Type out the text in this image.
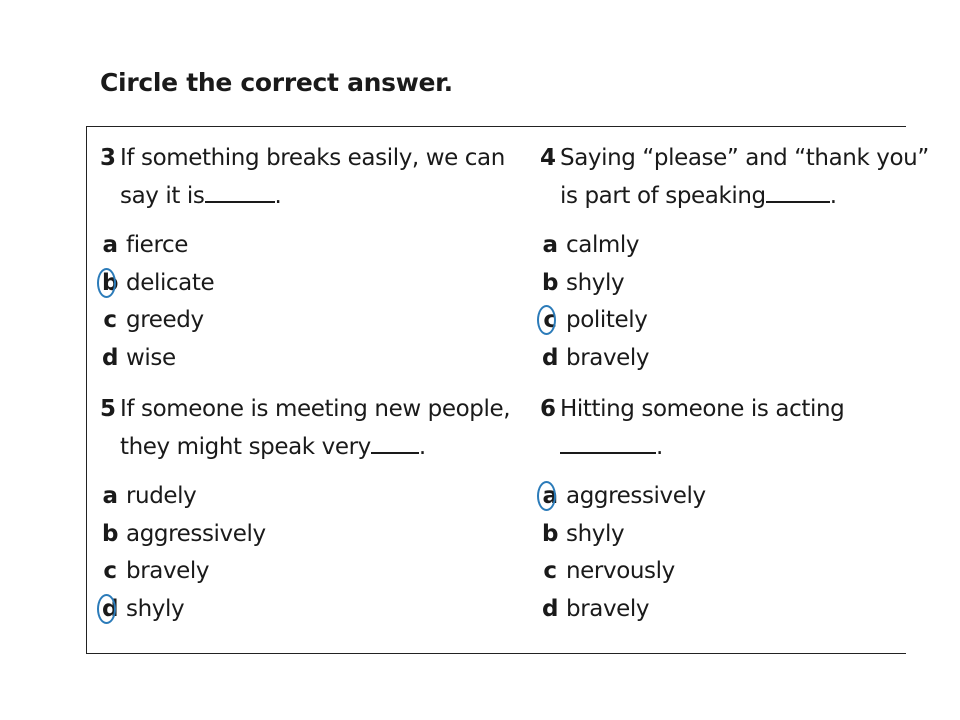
Circle the correct answer.
3 If something breaks easily, we can
say it is	.
a fierce
b delicate
c greedy
d wise
4 Saying “please” and “thank you”
is part of speaking	.
a calmly
b shyly
c politely
d bravely
5 If someone is meeting new people,
they might speak very .
a rudely
b aggressively
c bravely
d shyly
6 Hitting someone is acting
.
a aggressively
b shyly
c nervously
d bravely
